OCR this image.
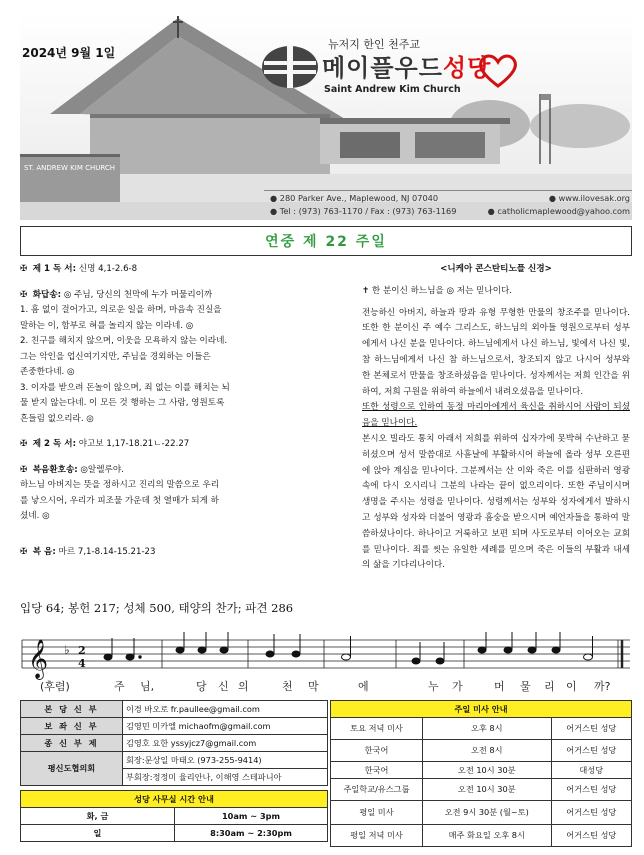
ST. ANDREW KIM CHURCH
2024년 9월 1일
뉴저지 한인 천주교
메이플우드성당
Saint Andrew Kim Church
● 280 Parker Ave., Maplewood, NJ 07040	● www.ilovesak.org
● Tel : (973) 763-1170 / Fax : (973) 763-1169	● catholicmaplewood@yahoo.com
연중 제 22 주일
✠ 제 1 독 서: 신명 4,1-2.6-8
✠ 화답송: ◎ 주님, 당신의 천막에 누가 머물리이까
1. 흠 없이 걸어가고, 의로운 일을 하며, 마음속 진실을
말하는 이, 함부로 혀를 놀리지 않는 이라네. ◎
2. 친구를 해치지 않으며, 이웃을 모욕하지 않는 이라네.
그는 악인을 업신여기지만, 주님을 경외하는 이들은
존중한다네. ◎
3. 이자를 받으려 돈놀이 않으며, 죄 없는 이를 해치는 뇌
물 받지 않는다네. 이 모든 것 행하는 그 사람, 영원토록
흔들림 없으리라. ◎
✠ 제 2 독 서: 야고보 1,17-18.21ㄴ-22.27
✠ 복음환호송: ◎알렐루야.
하느님 아버지는 뜻을 정하시고 진리의 말씀으로 우리
를 낳으시어, 우리가 피조물 가운데 첫 열매가 되게 하
셨네. ◎
✠ 복 음: 마르 7,1-8.14-15.21-23
입당 64; 봉헌 217; 성체 500, 태양의 찬가; 파견 286
<니케아 콘스탄티노플 신경>
✝ 한 분이신 하느님을 ◎ 저는 믿나이다.
전능하신 아버지, 하늘과 땅과 유형 무형한 만물의 창조주를 믿나이다. 또한 한 분이신 주 예수 그리스도, 하느님의 외아들 영원으로부터 성부에게서 나신 분을 믿나이다. 하느님에게서 나신 하느님, 빛에서 나신 빛, 참 하느님에게서 나신 참 하느님으로서, 창조되지 않고 나시어 성부와 한 본체로서 만물을 창조하셨음을 믿나이다. 성자께서는 저희 인간을 위하여, 저희 구원을 위하여 하늘에서 내려오셨음을 믿나이다.
또한 성령으로 인하여 동정 마리아에게서 육신을 취하시어 사람이 되셨음을 믿나이다.
본시오 빌라도 통치 아래서 저희를 위하여 십자가에 못박혀 수난하고 묻히셨으며 성서 말씀대로 사흗날에 부활하시어 하늘에 올라 성부 오른편에 앉아 계심을 믿나이다. 그분께서는 산 이와 죽은 이를 심판하러 영광 속에 다시 오시리니 그분의 나라는 끝이 없으리이다. 또한 주님이시며 생명을 주시는 성령을 믿나이다. 성령께서는 성부와 성자에게서 발하시고 성부와 성자와 더불어 영광과 흠숭을 받으시며 예언자들을 통하여 말씀하셨나이다. 하나이고 거룩하고 보편 되며 사도로부터 이어오는 교회를 믿나이다. 죄를 씻는 유일한 세례를 믿으며 죽은 이들의 부활과 내세의 삶을 기다리나이다.
𝄞 ♭ 2
4
(후렴)	주 님,	당 신 의	천 막	에	누 가	머 물 리 이 까?
본 당 신 부	이경 바오로 fr.paullee@gmail.com
보 좌 신 부	김영민 미카엘 michaofm@gmail.com
종 신 부 제	김영호 요한 yssyjcz7@gmail.com
평신도협의회	회장:문상일 마태오 (973-255-9414)
	부회장:정정미 율리안나, 이해영 스테파니아
성당 사무실 시간 안내	
화, 금	10am ~ 3pm
일	8:30am ~ 2:30pm
주일 미사 안내		
토요 저녁 미사	오후 8시	어거스틴 성당
한국어	오전 8시	어거스틴 성당
한국어	오전 10시 30분	대성당
주일학교/유스그룹	오전 10시 30분	어거스틴 성당
평일 미사	오전 9시 30분 (월~토)	어거스틴 성당
평일 저녁 미사	매주 화요일 오후 8시	어거스틴 성당
